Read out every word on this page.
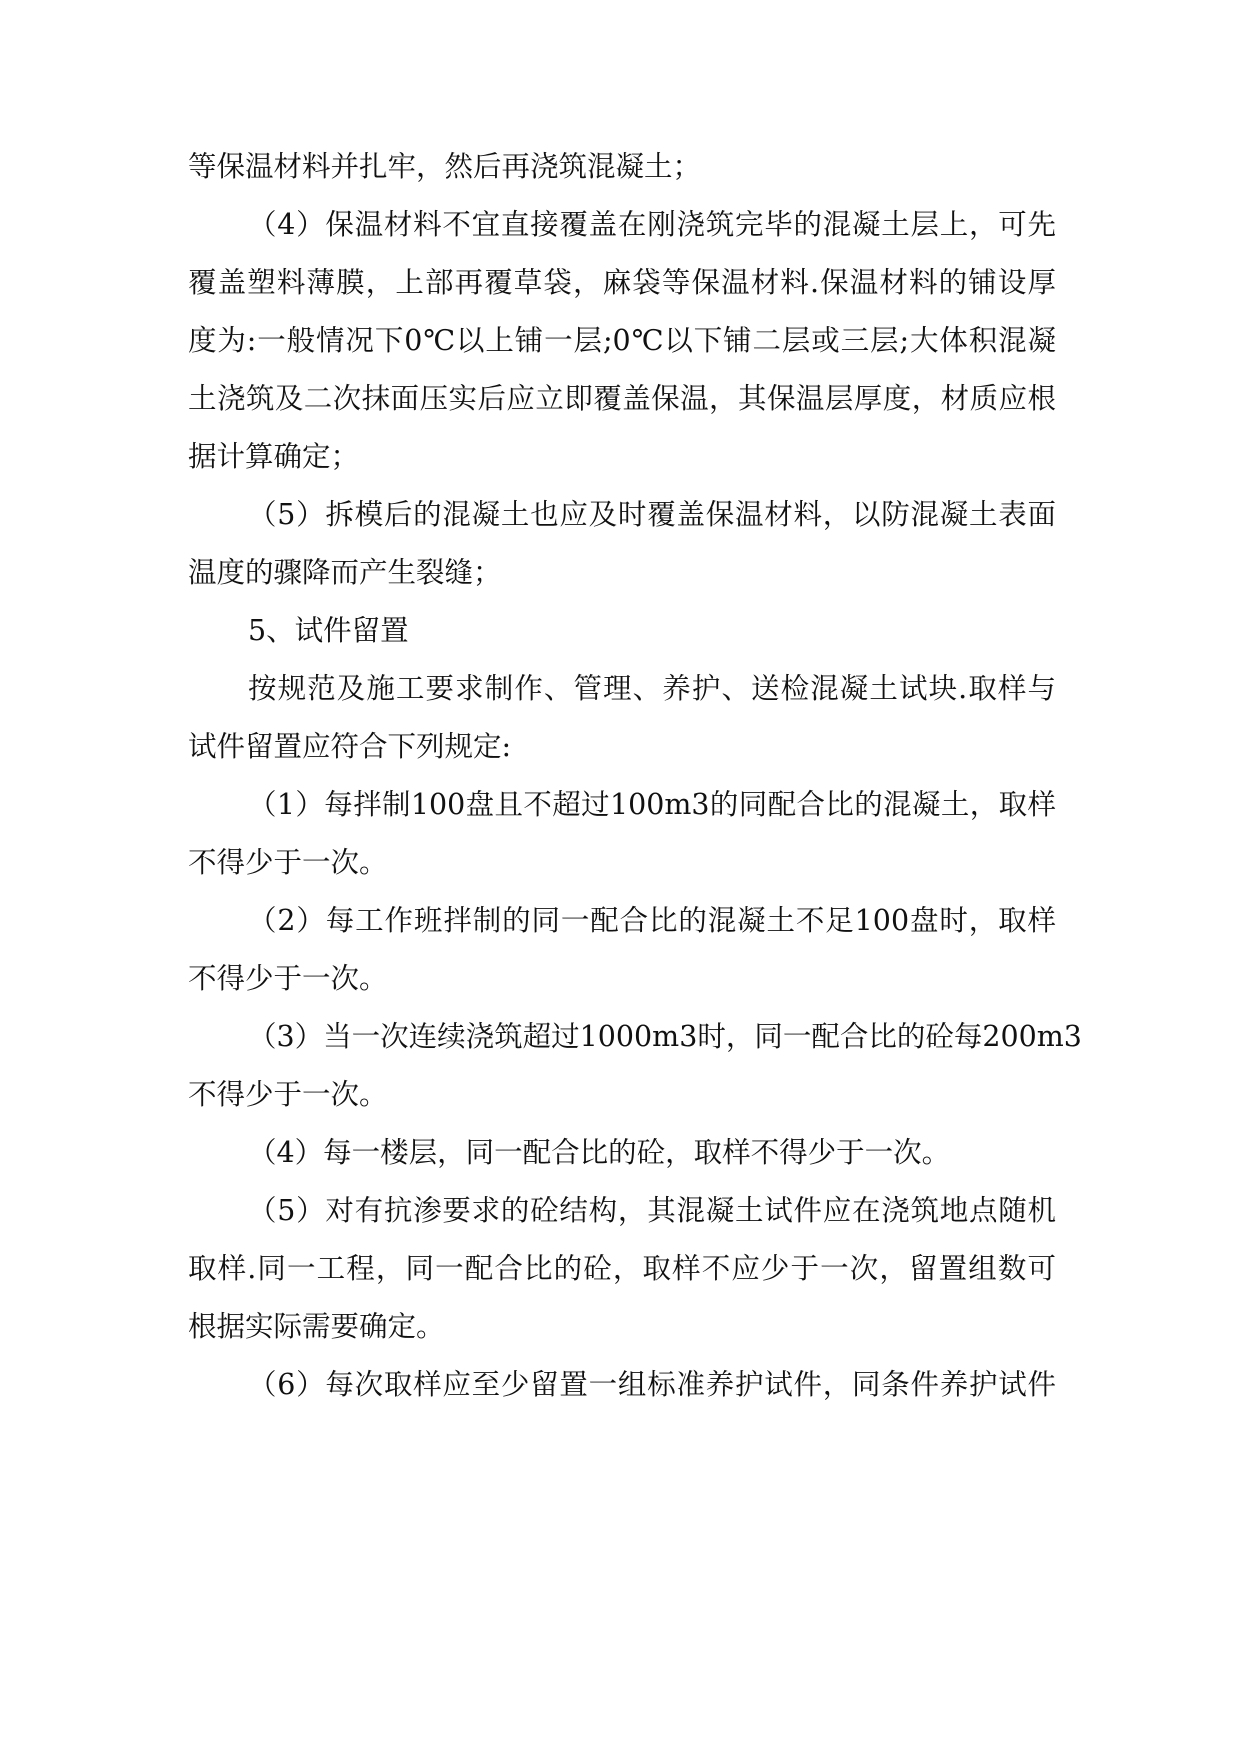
等保温材料并扎牢，然后再浇筑混凝土；
（4）保温材料不宜直接覆盖在刚浇筑完毕的混凝土层上，可先
覆盖塑料薄膜，上部再覆草袋，麻袋等保温材料.保温材料的铺设厚
度为:一般情况下0℃以上铺一层;0℃以下铺二层或三层;大体积混凝
土浇筑及二次抹面压实后应立即覆盖保温，其保温层厚度，材质应根
据计算确定；
（5）拆模后的混凝土也应及时覆盖保温材料，以防混凝土表面
温度的骤降而产生裂缝；
5、试件留置
按规范及施工要求制作、管理、养护、送检混凝土试块.取样与
试件留置应符合下列规定:
（1）每拌制100盘且不超过100m3的同配合比的混凝土，取样
不得少于一次。
（2）每工作班拌制的同一配合比的混凝土不足100盘时，取样
不得少于一次。
（3）当一次连续浇筑超过1000m3时，同一配合比的砼每200m3
不得少于一次。
（4）每一楼层，同一配合比的砼，取样不得少于一次。
（5）对有抗渗要求的砼结构，其混凝土试件应在浇筑地点随机
取样.同一工程，同一配合比的砼，取样不应少于一次，留置组数可
根据实际需要确定。
（6）每次取样应至少留置一组标准养护试件，同条件养护试件
